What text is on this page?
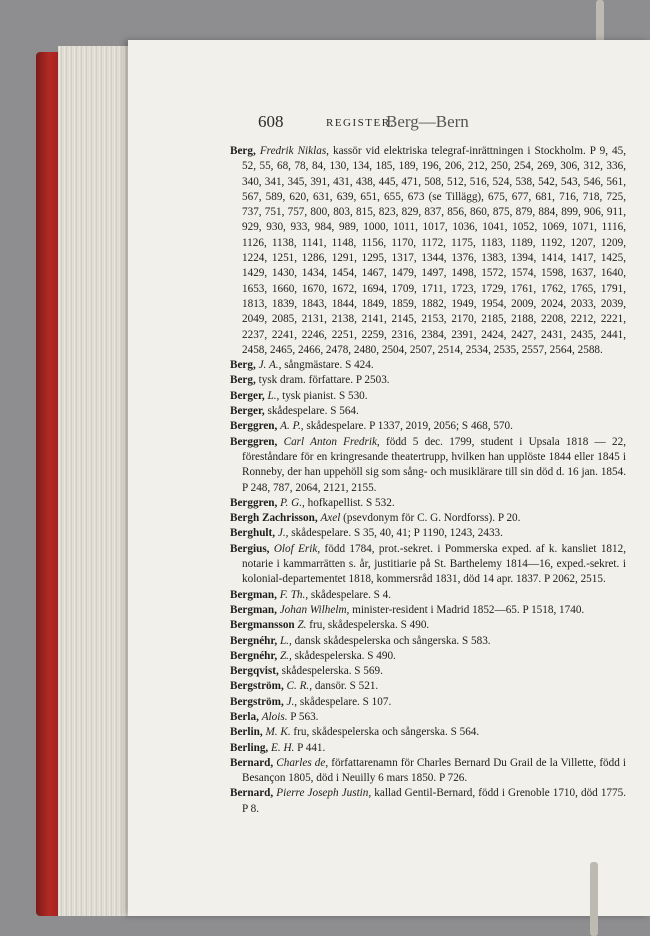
608	REGISTER.
Berg—Bern

Berg, Fredrik Niklas, kassör vid elektriska telegraf-inrättningen i Stockholm. P 9, 45, 52, 55, 68, 78, 84, 130, 134, 185, 189, 196, 206, 212, 250, 254, 269, 306, 312, 336, 340, 341, 345, 391, 431, 438, 445, 471, 508, 512, 516, 524, 538, 542, 543, 546, 561, 567, 589, 620, 631, 639, 651, 655, 673 (se Tillägg), 675, 677, 681, 716, 718, 725, 737, 751, 757, 800, 803, 815, 823, 829, 837, 856, 860, 875, 879, 884, 899, 906, 911, 929, 930, 933, 984, 989, 1000, 1011, 1017, 1036, 1041, 1052, 1069, 1071, 1116, 1126, 1138, 1141, 1148, 1156, 1170, 1172, 1175, 1183, 1189, 1192, 1207, 1209, 1224, 1251, 1286, 1291, 1295, 1317, 1344, 1376, 1383, 1394, 1414, 1417, 1425, 1429, 1430, 1434, 1454, 1467, 1479, 1497, 1498, 1572, 1574, 1598, 1637, 1640, 1653, 1660, 1670, 1672, 1694, 1709, 1711, 1723, 1729, 1761, 1762, 1765, 1791, 1813, 1839, 1843, 1844, 1849, 1859, 1882, 1949, 1954, 2009, 2024, 2033, 2039, 2049, 2085, 2131, 2138, 2141, 2145, 2153, 2170, 2185, 2188, 2208, 2212, 2221, 2237, 2241, 2246, 2251, 2259, 2316, 2384, 2391, 2424, 2427, 2431, 2435, 2441, 2458, 2465, 2466, 2478, 2480, 2504, 2507, 2514, 2534, 2535, 2557, 2564, 2588.

Berg, J. A., sångmästare. S 424.

Berg, tysk dram. författare. P 2503.

Berger, L., tysk pianist. S 530.

Berger, skådespelare. S 564.

Berggren, A. P., skådespelare. P 1337, 2019, 2056; S 468, 570.

Berggren, Carl Anton Fredrik, född 5 dec. 1799, student i Upsala 1818 — 22, föreståndare för en kringresande theatertrupp, hvilken han upplöste 1844 eller 1845 i Ronneby, der han uppehöll sig som sång- och musiklärare till sin död d. 16 jan. 1854. P 248, 787, 2064, 2121, 2155.

Berggren, P. G., hofkapellist. S 532.

Bergh Zachrisson, Axel (psevdonym för C. G. Nordforss). P 20.

Berghult, J., skådespelare. S 35, 40, 41; P 1190, 1243, 2433.

Bergius, Olof Erik, född 1784, prot.-sekret. i Pommerska exped. af k. kansliet 1812, notarie i kammarrätten s. år, justitiarie på St. Barthelemy 1814—16, exped.-sekret. i kolonial-departementet 1818, kommersråd 1831, död 14 apr. 1837. P 2062, 2515.

Bergman, F. Th., skådespelare. S 4.

Bergman, Johan Wilhelm, minister-resident i Madrid 1852—65. P 1518, 1740.

Bergmansson Z. fru, skådespelerska. S 490.

Bergnéhr, L., dansk skådespelerska och sångerska. S 583.

Bergnéhr, Z., skådespelerska. S 490.

Bergqvist, skådespelerska. S 569.

Bergström, C. R., dansör. S 521.

Bergström, J., skådespelare. S 107.

Berla, Alois. P 563.

Berlin, M. K. fru, skådespelerska och sångerska. S 564.

Berling, E. H. P 441.

Bernard, Charles de, författarenamn för Charles Bernard Du Grail de la Villette, född i Besançon 1805, död i Neuilly 6 mars 1850. P 726.

Bernard, Pierre Joseph Justin, kallad Gentil-Bernard, född i Grenoble 1710, död 1775. P 8.
